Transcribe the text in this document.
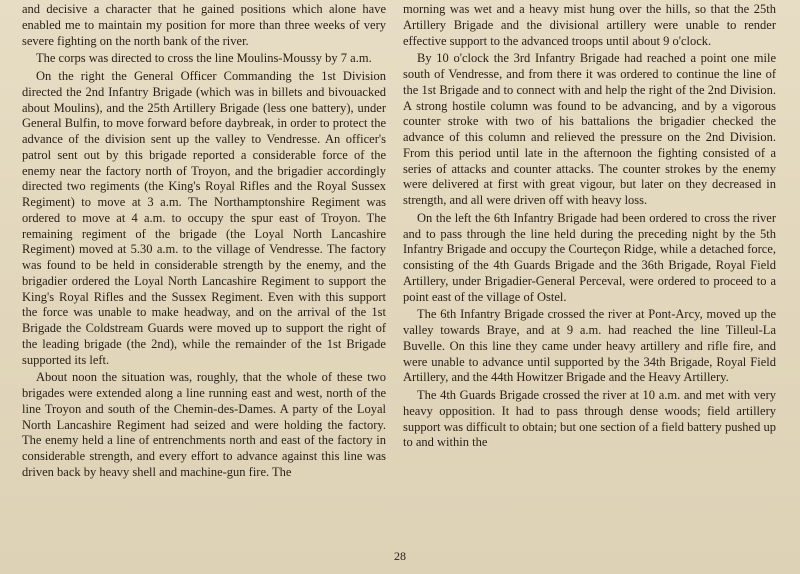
and decisive a character that he gained positions which alone have enabled me to maintain my position for more than three weeks of very severe fighting on the north bank of the river.

The corps was directed to cross the line Moulins-Moussy by 7 a.m.

On the right the General Officer Commanding the 1st Division directed the 2nd Infantry Brigade (which was in billets and bivouacked about Moulins), and the 25th Artillery Brigade (less one battery), under General Bulfin, to move forward before daybreak, in order to protect the advance of the division sent up the valley to Vendresse. An officer's patrol sent out by this brigade reported a considerable force of the enemy near the factory north of Troyon, and the brigadier accordingly directed two regiments (the King's Royal Rifles and the Royal Sussex Regiment) to move at 3 a.m. The Northamptonshire Regiment was ordered to move at 4 a.m. to occupy the spur east of Troyon. The remaining regiment of the brigade (the Loyal North Lancashire Regiment) moved at 5.30 a.m. to the village of Vendresse. The factory was found to be held in considerable strength by the enemy, and the brigadier ordered the Loyal North Lancashire Regiment to support the King's Royal Rifles and the Sussex Regiment. Even with this support the force was unable to make headway, and on the arrival of the 1st Brigade the Coldstream Guards were moved up to support the right of the leading brigade (the 2nd), while the remainder of the 1st Brigade supported its left.

About noon the situation was, roughly, that the whole of these two brigades were extended along a line running east and west, north of the line Troyon and south of the Chemin-des-Dames. A party of the Loyal North Lancashire Regiment had seized and were holding the factory. The enemy held a line of entrenchments north and east of the factory in considerable strength, and every effort to advance against this line was driven back by heavy shell and machine-gun fire. The

morning was wet and a heavy mist hung over the hills, so that the 25th Artillery Brigade and the divisional artillery were unable to render effective support to the advanced troops until about 9 o'clock.

By 10 o'clock the 3rd Infantry Brigade had reached a point one mile south of Vendresse, and from there it was ordered to continue the line of the 1st Brigade and to connect with and help the right of the 2nd Division. A strong hostile column was found to be advancing, and by a vigorous counter stroke with two of his battalions the brigadier checked the advance of this column and relieved the pressure on the 2nd Division. From this period until late in the afternoon the fighting consisted of a series of attacks and counter attacks. The counter strokes by the enemy were delivered at first with great vigour, but later on they decreased in strength, and all were driven off with heavy loss.

On the left the 6th Infantry Brigade had been ordered to cross the river and to pass through the line held during the preceding night by the 5th Infantry Brigade and occupy the Courteçon Ridge, while a detached force, consisting of the 4th Guards Brigade and the 36th Brigade, Royal Field Artillery, under Brigadier-General Perceval, were ordered to proceed to a point east of the village of Ostel.

The 6th Infantry Brigade crossed the river at Pont-Arcy, moved up the valley towards Braye, and at 9 a.m. had reached the line Tilleul-La Buvelle. On this line they came under heavy artillery and rifle fire, and were unable to advance until supported by the 34th Brigade, Royal Field Artillery, and the 44th Howitzer Brigade and the Heavy Artillery.

The 4th Guards Brigade crossed the river at 10 a.m. and met with very heavy opposition. It had to pass through dense woods; field artillery support was difficult to obtain; but one section of a field battery pushed up to and within the

28
